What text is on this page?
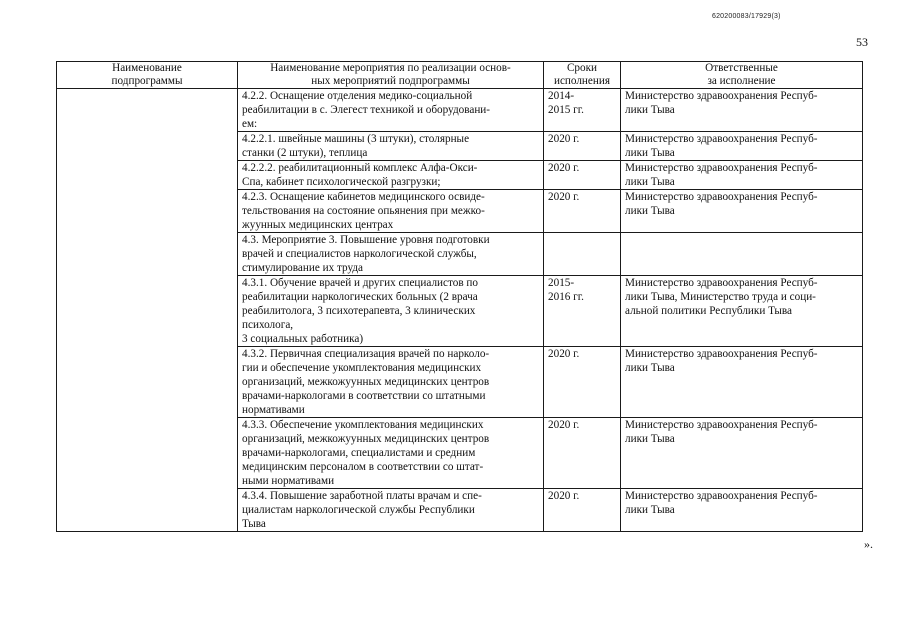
620200083/17929(3)
53
Наименование
подпрограммы	Наименование мероприятия по реализации основ-
ных мероприятий подпрограммы	Сроки
исполнения	Ответственные
за исполнение

	4.2.2. Оснащение отделения медико-социальной
реабилитации в с. Элегест техникой и оборудовани-
ем:	2014-
2015 гг.	Министерство здравоохранения Респуб-
лики Тыва

	4.2.2.1. швейные машины (3 штуки), столярные
станки (2 штуки), теплица	2020 г.	Министерство здравоохранения Респуб-
лики Тыва

	4.2.2.2. реабилитационный комплекс Алфа-Окси-
Спа, кабинет психологической разгрузки;	2020 г.	Министерство здравоохранения Респуб-
лики Тыва

	4.2.3. Оснащение кабинетов медицинского освиде-
тельствования на состояние опьянения при межко-
жуунных медицинских центрах	2020 г.	Министерство здравоохранения Респуб-
лики Тыва

	4.3. Мероприятие 3. Повышение уровня подготовки
врачей и специалистов наркологической службы,
стимулирование их труда		

	4.3.1. Обучение врачей и других специалистов по
реабилитации наркологических больных (2 врача
реабилитолога, 3 психотерапевта, 3 клинических
психолога,
3 социальных работника)	2015-
2016 гг.	Министерство здравоохранения Респуб-
лики Тыва, Министерство труда и соци-
альной политики Республики Тыва

	4.3.2. Первичная специализация врачей по нарколо-
гии и обеспечение укомплектования медицинских
организаций, межкожуунных медицинских центров
врачами-наркологами в соответствии со штатными
нормативами	2020 г.	Министерство здравоохранения Респуб-
лики Тыва

	4.3.3. Обеспечение укомплектования медицинских
организаций, межкожуунных медицинских центров
врачами-наркологами, специалистами и средним
медицинским персоналом в соответствии со штат-
ными нормативами	2020 г.	Министерство здравоохранения Респуб-
лики Тыва

	4.3.4. Повышение заработной платы врачам и спе-
циалистам наркологической службы Республики
Тыва	2020 г.	Министерство здравоохранения Респуб-
лики Тыва
».
